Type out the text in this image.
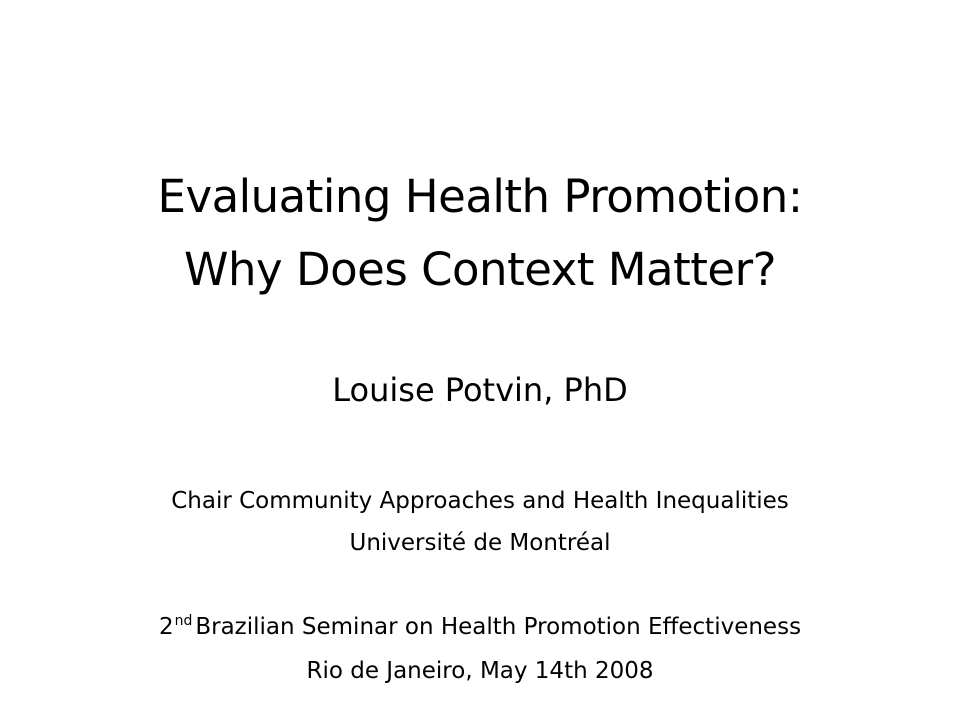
Evaluating Health Promotion:
Why Does Context Matter?
Louise Potvin, PhD
Chair Community Approaches and Health Inequalities
Université de Montréal
2nd Brazilian Seminar on Health Promotion Effectiveness
Rio de Janeiro, May 14th 2008
